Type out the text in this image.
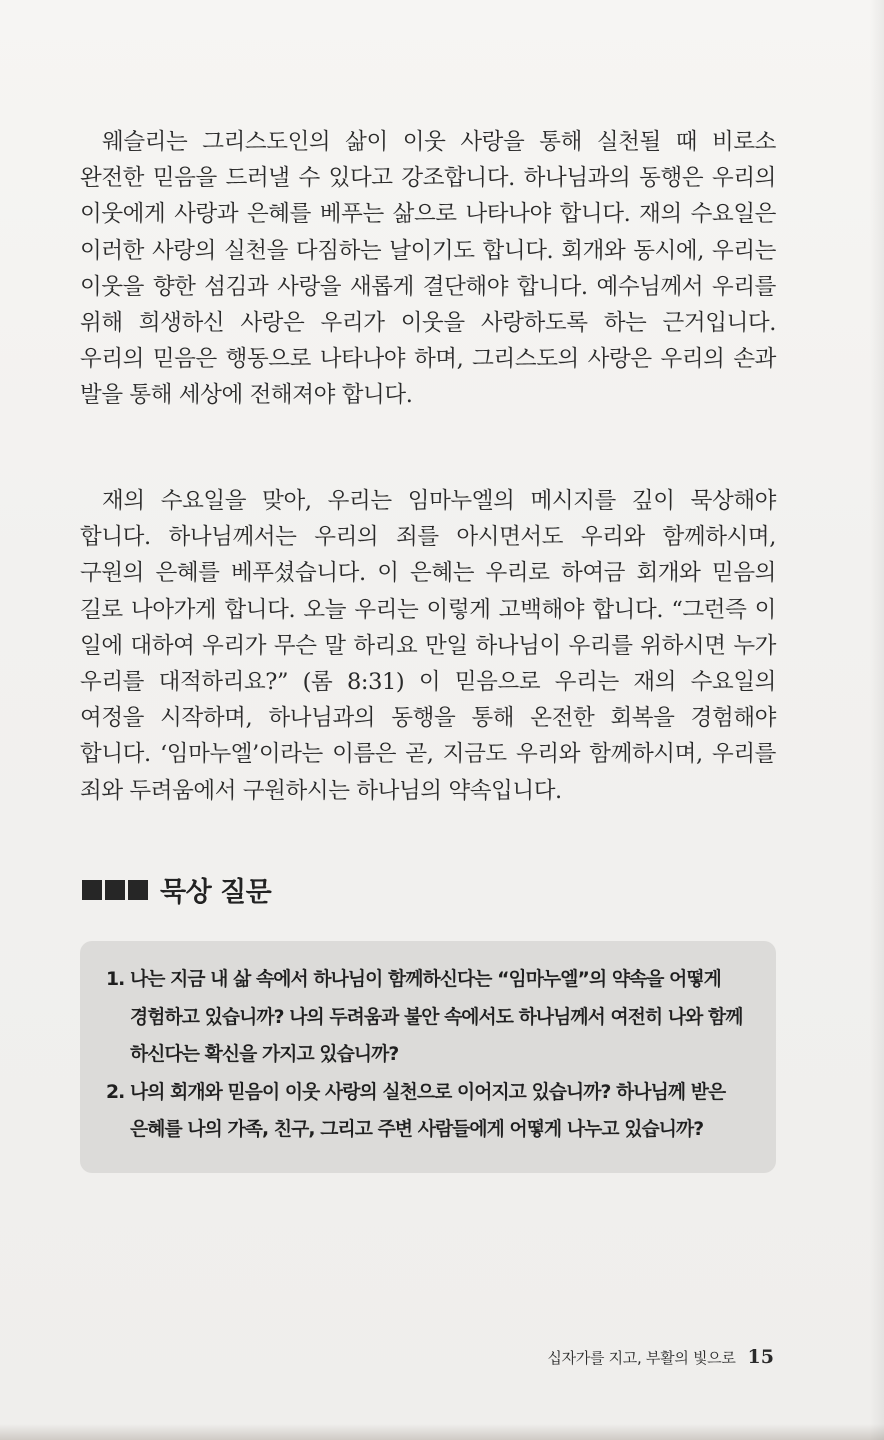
웨슬리는 그리스도인의 삶이 이웃 사랑을 통해 실천될 때 비로소 완전한 믿음을 드러낼 수 있다고 강조합니다. 하나님과의 동행은 우리의 이웃에게 사랑과 은혜를 베푸는 삶으로 나타나야 합니다. 재의 수요일은 이러한 사랑의 실천을 다짐하는 날이기도 합니다. 회개와 동시에, 우리는 이웃을 향한 섬김과 사랑을 새롭게 결단해야 합니다. 예수님께서 우리를 위해 희생하신 사랑은 우리가 이웃을 사랑하도록 하는 근거입니다. 우리의 믿음은 행동으로 나타나야 하며, 그리스도의 사랑은 우리의 손과 발을 통해 세상에 전해져야 합니다.

재의 수요일을 맞아, 우리는 임마누엘의 메시지를 깊이 묵상해야 합니다. 하나님께서는 우리의 죄를 아시면서도 우리와 함께하시며, 구원의 은혜를 베푸셨습니다. 이 은혜는 우리로 하여금 회개와 믿음의 길로 나아가게 합니다. 오늘 우리는 이렇게 고백해야 합니다. “그런즉 이 일에 대하여 우리가 무슨 말 하리요 만일 하나님이 우리를 위하시면 누가 우리를 대적하리요?” (롬 8:31) 이 믿음으로 우리는 재의 수요일의 여정을 시작하며, 하나님과의 동행을 통해 온전한 회복을 경험해야 합니다. ‘임마누엘’이라는 이름은 곧, 지금도 우리와 함께하시며, 우리를 죄와 두려움에서 구원하시는 하나님의 약속입니다.

묵상 질문
1. 나는 지금 내 삶 속에서 하나님이 함께하신다는 “임마누엘”의 약속을 어떻게 경험하고 있습니까? 나의 두려움과 불안 속에서도 하나님께서 여전히 나와 함께 하신다는 확신을 가지고 있습니까?
2. 나의 회개와 믿음이 이웃 사랑의 실천으로 이어지고 있습니까? 하나님께 받은 은혜를 나의 가족, 친구, 그리고 주변 사람들에게 어떻게 나누고 있습니까?
십자가를 지고, 부활의 빛으로 15
